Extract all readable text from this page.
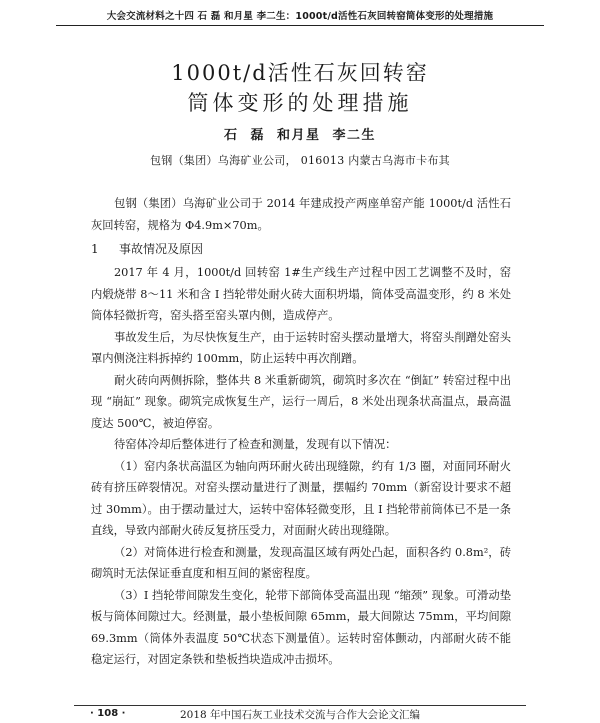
大会交流材料之十四 石 磊 和月星 李二生：1000t/d活性石灰回转窑筒体变形的处理措施
1000t/d活性石灰回转窑
筒体变形的处理措施
石 磊 和月星 李二生
包钢（集团）乌海矿业公司， 016013 内蒙古乌海市卡布其

包钢（集团）乌海矿业公司于 2014 年建成投产两座单窑产能 1000t/d 活性石灰回转窑，规格为 Φ4.9m×70m。

1 事故情况及原因

2017 年 4 月，1000t/d 回转窑 1#生产线生产过程中因工艺调整不及时，窑内煅烧带 8～11 米和含 I 挡轮带处耐火砖大面积坍塌，筒体受高温变形，约 8 米处筒体轻微折弯，窑头搭至窑头罩内侧，造成停产。

事故发生后，为尽快恢复生产，由于运转时窑头摆动量增大，将窑头削蹭处窑头罩内侧浇注料拆掉约 100mm，防止运转中再次削蹭。

耐火砖向两侧拆除，整体共 8 米重新砌筑，砌筑时多次在 “倒缸” 转窑过程中出现 “崩缸” 现象。砌筑完成恢复生产，运行一周后，8 米处出现条状高温点，最高温度达 500℃，被迫停窑。

待窑体冷却后整体进行了检查和测量，发现有以下情况：

（1）窑内条状高温区为轴向两环耐火砖出现缝隙，约有 1/3 圈，对面同环耐火砖有挤压碎裂情况。对窑头摆动量进行了测量，摆幅约 70mm（新窑设计要求不超过 30mm）。由于摆动量过大，运转中窑体轻微变形，且 I 挡轮带前筒体已不是一条直线，导致内部耐火砖反复挤压受力，对面耐火砖出现缝隙。

（2）对筒体进行检查和测量，发现高温区域有两处凸起，面积各约 0.8m²，砖砌筑时无法保证垂直度和相互间的紧密程度。

（3）I 挡轮带间隙发生变化，轮带下部筒体受高温出现 “缩颈” 现象。可滑动垫板与筒体间隙过大。经测量，最小垫板间隙 65mm，最大间隙达 75mm，平均间隙 69.3mm（筒体外表温度 50℃状态下测量值）。运转时窑体颤动，内部耐火砖不能稳定运行，对固定条铁和垫板挡块造成冲击损坏。

· 108 ·	2018 年中国石灰工业技术交流与合作大会论文汇编
